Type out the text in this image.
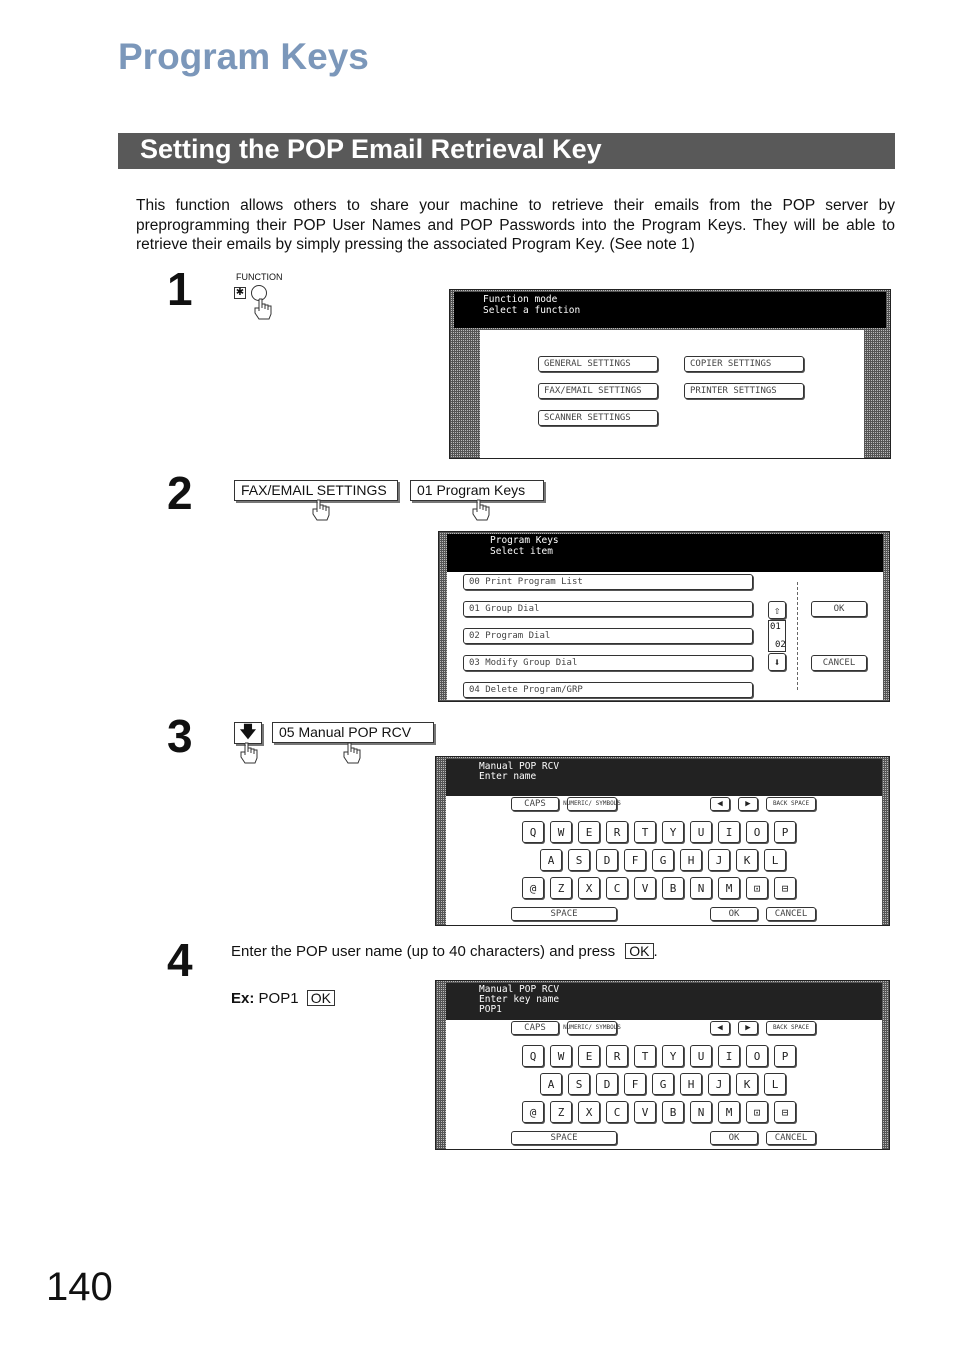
Program Keys
Setting the POP Email Retrieval Key
This function allows others to share your machine to retrieve their emails from the POP server by preprogramming their POP User Names and POP Passwords into the Program Keys. They will be able to retrieve their emails by simply pressing the associated Program Key. (See note 1)
1	FUNCTION
✱
Function mode
Select a function
GENERAL SETTINGS	COPIER SETTINGS
FAX/EMAIL SETTINGS	PRINTER SETTINGS
SCANNER SETTINGS
2	FAX/EMAIL SETTINGS	01 Program Keys
Program Keys
Select item
00 Print Program List
01 Group Dial
02 Program Dial
03 Modify Group Dial
04 Delete Program/GRP
⇧
01
02
⬇
OK
CANCEL
3	🡇	05 Manual POP RCV
Manual POP RCV
Enter name
CAPS	NUMERIC/ SYMBOLS	◀	▶	BACK SPACE
Q	W	E	R	T	Y	U	I	O	P
A	S	D	F	G	H	J	K	L
@	Z	X	C	V	B	N	M	⊡	⊟
SPACE	OK	CANCEL
4	Enter the POP user name (up to 40 characters) and press OK .
Ex: POP1 OK
Manual POP RCV
Enter key name
POP1
CAPS	NUMERIC/ SYMBOLS	◀	▶	BACK SPACE
Q	W	E	R	T	Y	U	I	O	P
A	S	D	F	G	H	J	K	L
@	Z	X	C	V	B	N	M	⊡	⊟
SPACE	OK	CANCEL
140
